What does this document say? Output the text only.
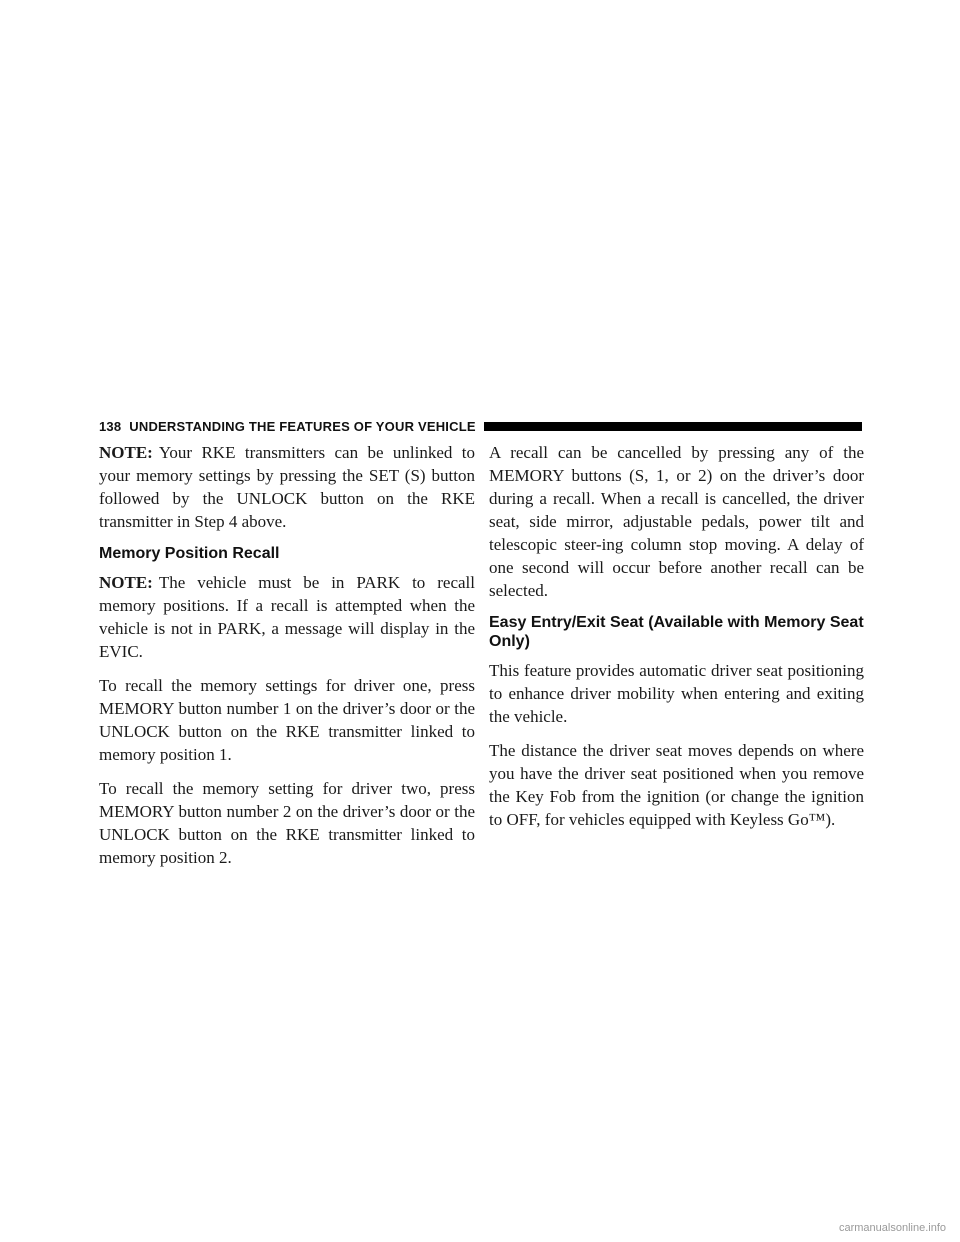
138 UNDERSTANDING THE FEATURES OF YOUR VEHICLE

NOTE: Your RKE transmitters can be unlinked to your memory settings by pressing the SET (S) button followed by the UNLOCK button on the RKE transmitter in Step 4 above.

Memory Position Recall

NOTE: The vehicle must be in PARK to recall memory positions. If a recall is attempted when the vehicle is not in PARK, a message will display in the EVIC.

To recall the memory settings for driver one, press MEMORY button number 1 on the driver’s door or the UNLOCK button on the RKE transmitter linked to memory position 1.

To recall the memory setting for driver two, press MEMORY button number 2 on the driver’s door or the UNLOCK button on the RKE transmitter linked to memory position 2.

A recall can be cancelled by pressing any of the MEMORY buttons (S, 1, or 2) on the driver’s door during a recall. When a recall is cancelled, the driver seat, side mirror, adjustable pedals, power tilt and telescopic steer-ing column stop moving. A delay of one second will occur before another recall can be selected.

Easy Entry/Exit Seat (Available with Memory Seat Only)

This feature provides automatic driver seat positioning to enhance driver mobility when entering and exiting the vehicle.

The distance the driver seat moves depends on where you have the driver seat positioned when you remove the Key Fob from the ignition (or change the ignition to OFF, for vehicles equipped with Keyless Go™).

carmanualsonline.info
